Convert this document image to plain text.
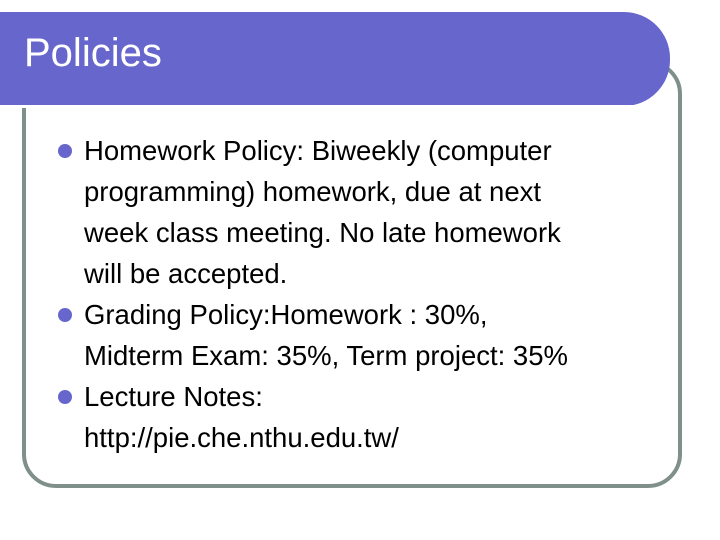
Policies
Homework Policy: Biweekly (computer
programming) homework, due at next
week class meeting. No late homework
will be accepted.
Grading Policy:Homework : 30%,
Midterm Exam: 35%, Term project: 35%
Lecture Notes:
http://pie.che.nthu.edu.tw/
